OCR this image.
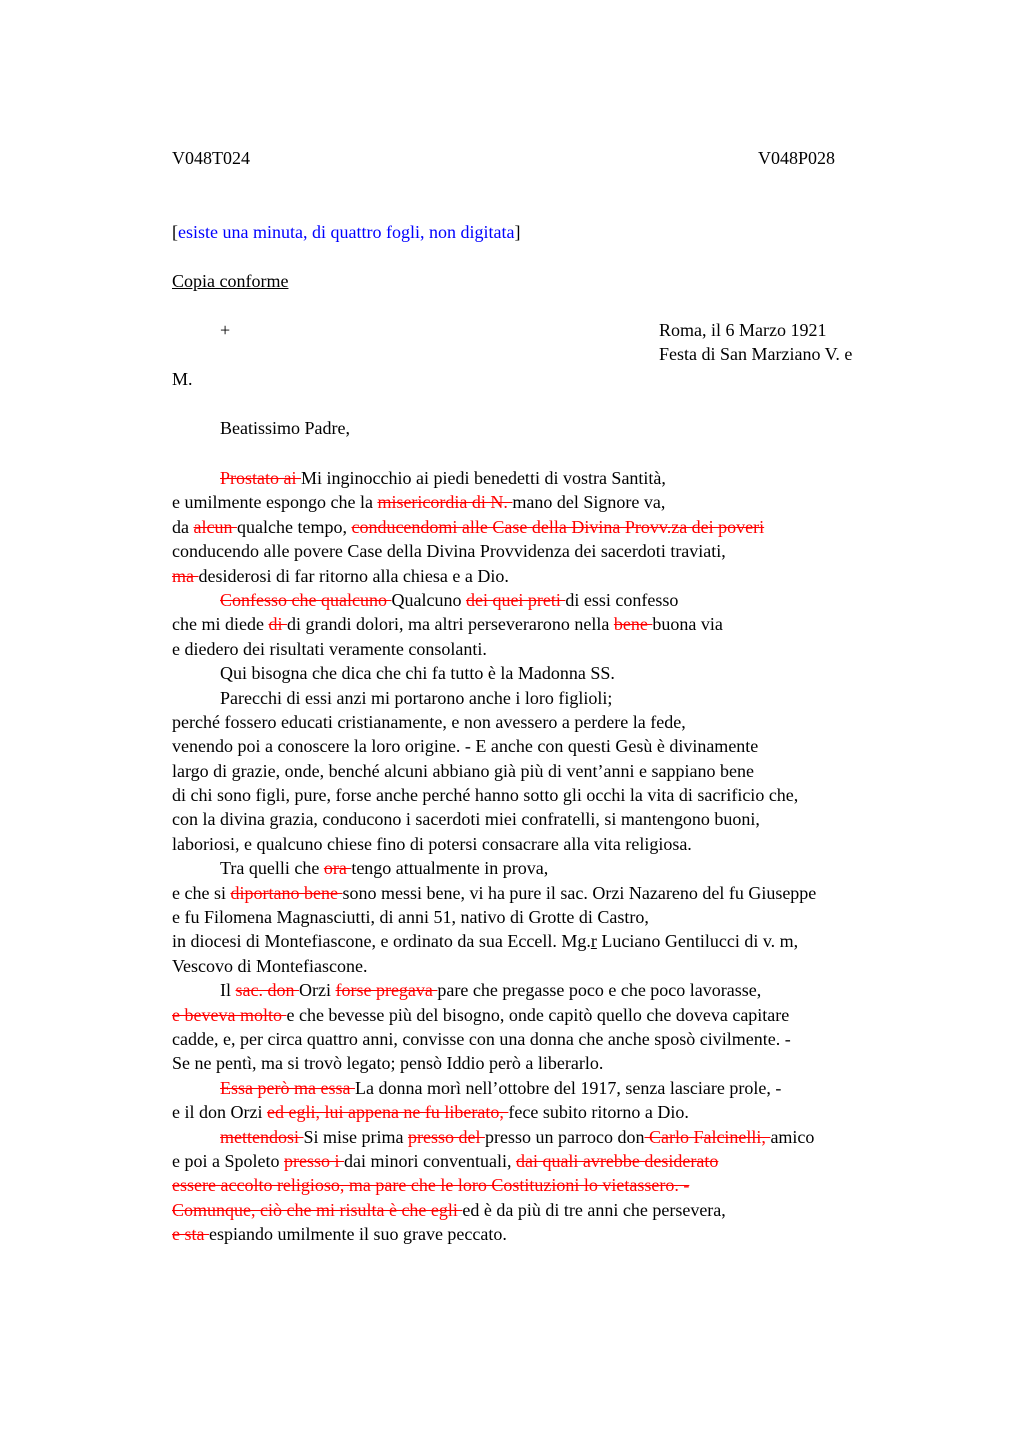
V048T024	V048P028
[esiste una minuta, di quattro fogli, non digitata]
Copia conforme
+	Roma, il 6 Marzo 1921
Festa di San Marziano V. e
M.
Beatissimo Padre,
Prostato ai Mi inginocchio ai piedi benedetti di vostra Santità,
e umilmente espongo che la misericordia di N. mano del Signore va,
da alcun qualche tempo, conducendomi alle Case della Divina Provv.za dei poveri
conducendo alle povere Case della Divina Provvidenza dei sacerdoti traviati,
ma desiderosi di far ritorno alla chiesa e a Dio.
Confesso che qualcuno Qualcuno dei quei preti di essi confesso
che mi diede di di grandi dolori, ma altri perseverarono nella bene buona via
e diedero dei risultati veramente consolanti.
Qui bisogna che dica che chi fa tutto è la Madonna SS.
Parecchi di essi anzi mi portarono anche i loro figlioli;
perché fossero educati cristianamente, e non avessero a perdere la fede,
venendo poi a conoscere la loro origine. - E anche con questi Gesù è divinamente
largo di grazie, onde, benché alcuni abbiano già più di vent’anni e sappiano bene
di chi sono figli, pure, forse anche perché hanno sotto gli occhi la vita di sacrificio che,
con la divina grazia, conducono i sacerdoti miei confratelli, si mantengono buoni,
laboriosi, e qualcuno chiese fino di potersi consacrare alla vita religiosa.
Tra quelli che ora tengo attualmente in prova,
e che si diportano bene sono messi bene, vi ha pure il sac. Orzi Nazareno del fu Giuseppe
e fu Filomena Magnasciutti, di anni 51, nativo di Grotte di Castro,
in diocesi di Montefiascone, e ordinato da sua Eccell. Mg.r Luciano Gentilucci di v. m,
Vescovo di Montefiascone.
Il sac. don Orzi forse pregava pare che pregasse poco e che poco lavorasse,
e beveva molto e che bevesse più del bisogno, onde capitò quello che doveva capitare
cadde, e, per circa quattro anni, convisse con una donna che anche sposò civilmente. -
Se ne pentì, ma si trovò legato; pensò Iddio però a liberarlo.
Essa però ma essa La donna morì nell’ottobre del 1917, senza lasciare prole, -
e il don Orzi ed egli, lui appena ne fu liberato, fece subito ritorno a Dio.
mettendosi Si mise prima presso del presso un parroco don Carlo Falcinelli, amico
e poi a Spoleto presso i dai minori conventuali, dai quali avrebbe desiderato
essere accolto religioso, ma pare che le loro Costituzioni lo vietassero. -
Comunque, ciò che mi risulta è che egli ed è da più di tre anni che persevera,
e sta espiando umilmente il suo grave peccato.
